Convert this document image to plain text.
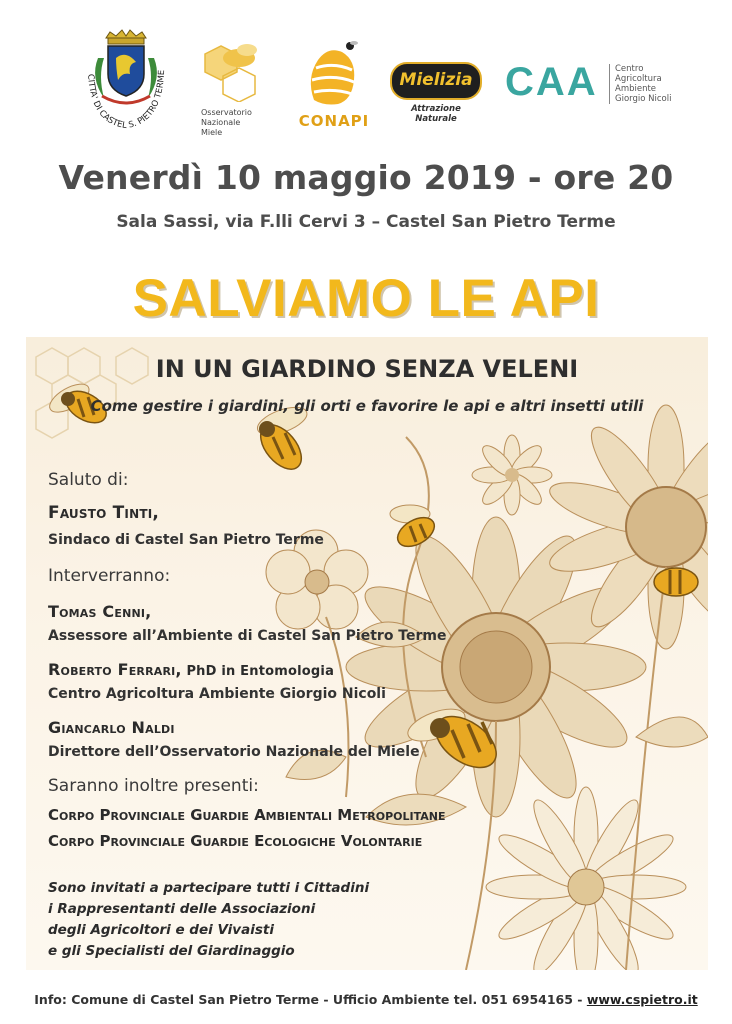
CITTA' DI CASTEL S. PIETRO TERME
Osservatorio
Nazionale
Miele
CONAPI
Mielizia
Attrazione Naturale
CAA Centro
Agricoltura
Ambiente
Giorgio Nicoli
Venerdì 10 maggio 2019 - ore 20
Sala Sassi, via F.lli Cervi 3 – Castel San Pietro Terme
SALVIAMO LE API
IN UN GIARDINO SENZA VELENI
Come gestire i giardini, gli orti e favorire le api e altri insetti utili
Saluto di:
Fausto Tinti,
Sindaco di Castel San Pietro Terme
Interverranno:
Tomas Cenni,
Assessore all’Ambiente di Castel San Pietro Terme
Roberto Ferrari, PhD in Entomologia
Centro Agricoltura Ambiente Giorgio Nicoli
Giancarlo Naldi
Direttore dell’Osservatorio Nazionale del Miele
Saranno inoltre presenti:
Corpo Provinciale Guardie Ambientali Metropolitane
Corpo Provinciale Guardie Ecologiche Volontarie
Sono invitati a partecipare tutti i Cittadini
i Rappresentanti delle Associazioni
degli Agricoltori e dei Vivaisti
e gli Specialisti del Giardinaggio
Info: Comune di Castel San Pietro Terme - Ufficio Ambiente tel. 051 6954165 - www.cspietro.it
